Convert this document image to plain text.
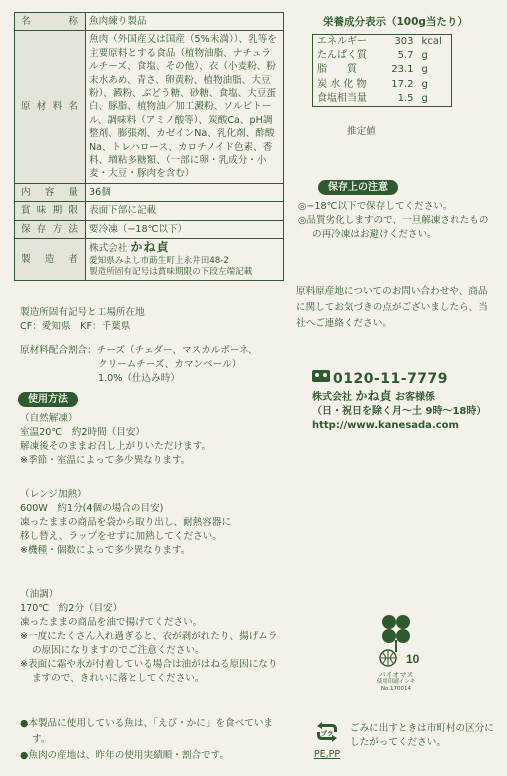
名　　称	魚肉練り製品
原材料名	魚肉（外国産又は国産（5%未満））、乳等を主要原料とする食品（植物油脂、ナチュラルチーズ、食塩、その他）、衣（小麦粉、粉末水あめ、青さ、卵黄粉、植物油脂、大豆粉）、澱粉、ぶどう糖、砂糖、食塩、大豆蛋白、豚脂、植物油／加工澱粉、ソルビトール、調味料（アミノ酸等）、炭酸Ca、pH調整剤、膨張剤、カゼインNa、乳化剤、酢酸Na、トレハロース、カロチノイド色素、香料、増粘多糖類、（一部に卵・乳成分・小麦・大豆・豚肉を含む）
内 容 量	36個
賞味期限	表面下部に記載
保存方法	要冷凍（−18℃以下）
製 造 者	株式会社 かね貞
愛知県みよし市莇生町上永井田48-2
製造所固有記号は賞味期限の下段左端記載
製造所固有記号と工場所在地
CF：愛知県　KF：千葉県
原材料配合割合：チーズ（チェダー、マスカルポーネ、
クリームチーズ、カマンベール）
1.0%（仕込み時）
使用方法
（自然解凍）
室温20℃　約2時間（目安）
解凍後そのままお召し上がりいただけます。
※季節・室温によって多少異なります。
（レンジ加熱）
600W　約1分(4個の場合の目安)
凍ったままの商品を袋から取り出し、耐熱容器に
移し替え、ラップをせずに加熱してください。
※機種・個数によって多少異なります。
（油調）
170℃　約2分（目安）
凍ったままの商品を油で揚げてください。
※一度にたくさん入れ過ぎると、衣が剥がれたり、揚げムラの原因になりますのでご注意ください。
※表面に霜や氷が付着している場合は油がはねる原因になりますので、きれいに落としてください。
●本製品に使用している魚は、「えび・かに」を食べています。
●魚肉の産地は、昨年の使用実績順・割合です。
栄養成分表示（100g当たり）
エネルギー	303	kcal
たんぱく質	5.7	g
脂　　質	23.1	g
炭 水 化 物	17.2	g
食塩相当量	1.5	g
推定値
保存上の注意
◎−18℃以下で保存してください。
◎品質劣化しますので、一旦解凍されたものの再冷凍はお避けください。
原料原産地についてのお問い合わせや、商品に関してお気づきの点がございましたら、当社へご連絡ください。
0120-11-7779
株式会社 かね貞 お客様係
（日・祝日を除く月〜土 9時〜18時）
http://www.kanesada.com
10
バイオマス
使用印刷インキ
No.170014
プラ
PE,PP
ごみに出すときは市町村の区分にしたがってください。
